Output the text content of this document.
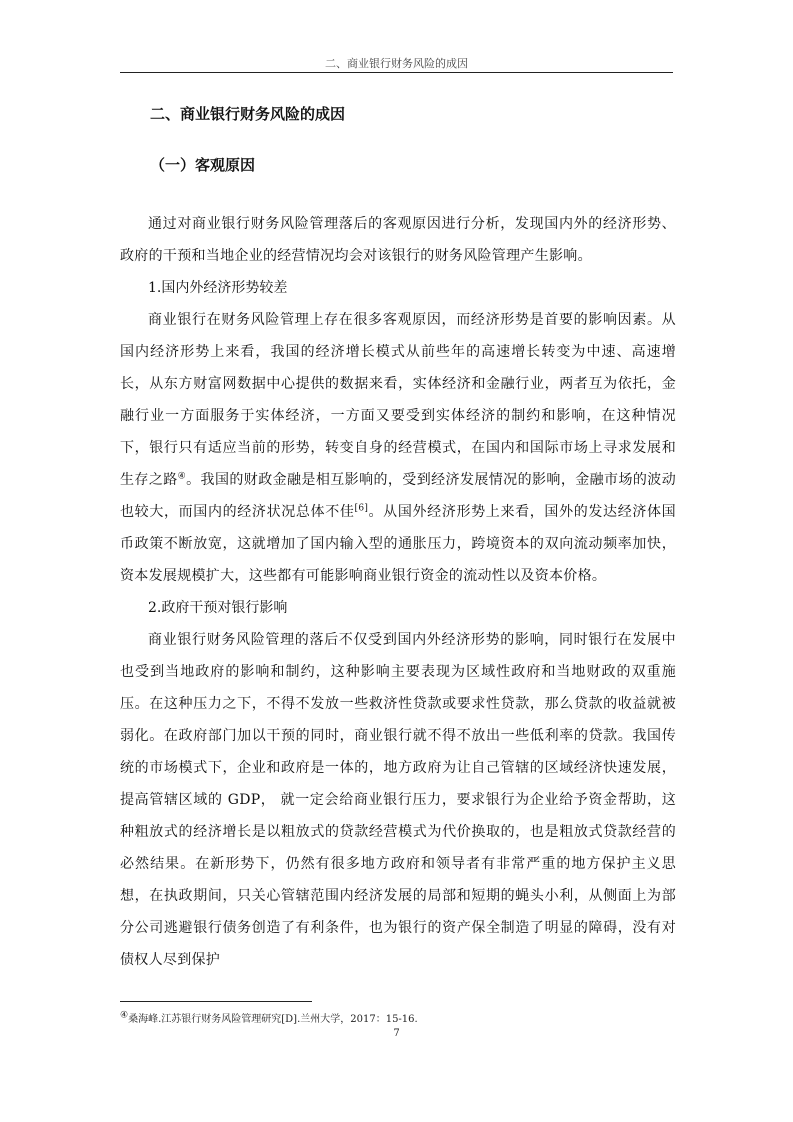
二、商业银行财务风险的成因
二、商业银行财务风险的成因
（一）客观原因

通过对商业银行财务风险管理落后的客观原因进行分析，发现国内外的经济形势、政府的干预和当地企业的经营情况均会对该银行的财务风险管理产生影响。

1.国内外经济形势较差

商业银行在财务风险管理上存在很多客观原因，而经济形势是首要的影响因素。从国内经济形势上来看，我国的经济增长模式从前些年的高速增长转变为中速、高速增长，从东方财富网数据中心提供的数据来看，实体经济和金融行业，两者互为依托，金融行业一方面服务于实体经济，一方面又要受到实体经济的制约和影响，在这种情况下，银行只有适应当前的形势，转变自身的经营模式，在国内和国际市场上寻求发展和生存之路④。我国的财政金融是相互影响的，受到经济发展情况的影响，金融市场的波动也较大，而国内的经济状况总体不佳[6]。从国外经济形势上来看，国外的发达经济体国币政策不断放宽，这就增加了国内输入型的通胀压力，跨境资本的双向流动频率加快，资本发展规模扩大，这些都有可能影响商业银行资金的流动性以及资本价格。

2.政府干预对银行影响

商业银行财务风险管理的落后不仅受到国内外经济形势的影响，同时银行在发展中也受到当地政府的影响和制约，这种影响主要表现为区域性政府和当地财政的双重施压。在这种压力之下，不得不发放一些救济性贷款或要求性贷款，那么贷款的收益就被弱化。在政府部门加以干预的同时，商业银行就不得不放出一些低利率的贷款。我国传统的市场模式下，企业和政府是一体的，地方政府为让自己管辖的区域经济快速发展， 提高管辖区域的 GDP， 就一定会给商业银行压力，要求银行为企业给予资金帮助，这种粗放式的经济增长是以粗放式的贷款经营模式为代价换取的，也是粗放式贷款经营的必然结果。在新形势下，仍然有很多地方政府和领导者有非常严重的地方保护主义思想，在执政期间，只关心管辖范围内经济发展的局部和短期的蝇头小利，从侧面上为部分公司逃避银行债务创造了有利条件，也为银行的资产保全制造了明显的障碍，没有对债权人尽到保护

④桑海峰.江苏银行财务风险管理研究[D].兰州大学，2017：15-16.
7
